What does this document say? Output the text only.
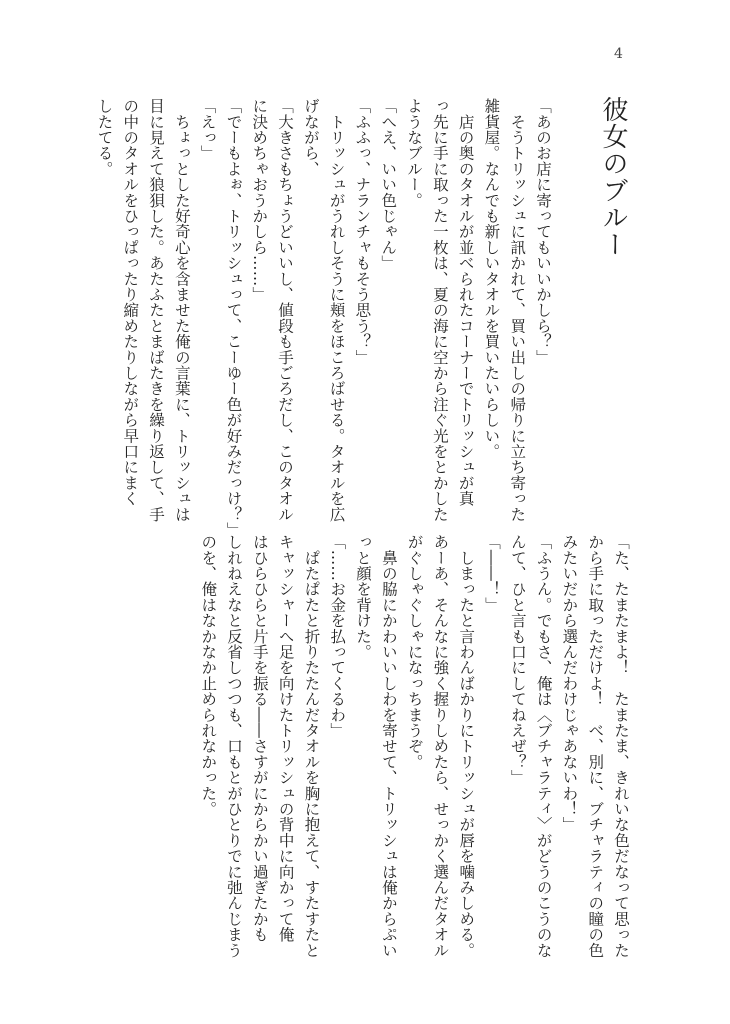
4
彼女のブルー
「あのお店に寄ってもいいかしら？」
　そうトリッシュに訊かれて、買い出しの帰りに立ち寄った
雑貨屋。なんでも新しいタオルを買いたいらしい。
　店の奥のタオルが並べられたコーナーでトリッシュが真
っ先に手に取った一枚は、夏の海に空から注ぐ光をとかした
ようなブルー。
「へえ、いい色じゃん」
「ふふっ、ナランチャもそう思う？」
　トリッシュがうれしそうに頬をほころばせる。タオルを広
げながら、
「大きさもちょうどいいし、値段も手ごろだし、このタオル
に決めちゃおうかしら……」
「でーもよぉ、トリッシュって、こーゆー色が好みだっけ？」
「えっ」
　ちょっとした好奇心を含ませた俺の言葉に、トリッシュは
目に見えて狼狽した。あたふたとまばたきを繰り返して、手
の中のタオルをひっぱったり縮めたりしながら早口にまく
したてる。
「た、たまたまよ！　たまたま、きれいな色だなって思った
から手に取っただけよ！　べ、別に、ブチャラティの瞳の色
みたいだから選んだわけじゃあないわ！」
「ふうん。でもさ、俺は〈ブチャラティ〉がどうのこうのな
んて、ひと言も口にしてねえぜ？」
「――！」
　しまったと言わんばかりにトリッシュが唇を噛みしめる。
あーあ、そんなに強く握りしめたら、せっかく選んだタオル
がぐしゃぐしゃになっちまうぞ。
　鼻の脇にかわいいしわを寄せて、トリッシュは俺からぷい
っと顔を背けた。
「……お金を払ってくるわ」
　ぱたぱたと折りたたんだタオルを胸に抱えて、すたすたと
キャッシャーへ足を向けたトリッシュの背中に向かって俺
はひらひらと片手を振る――さすがにからかい過ぎたかも
しれねえなと反省しつつも、口もとがひとりでに弛んじまう
のを、俺はなかなか止められなかった。
